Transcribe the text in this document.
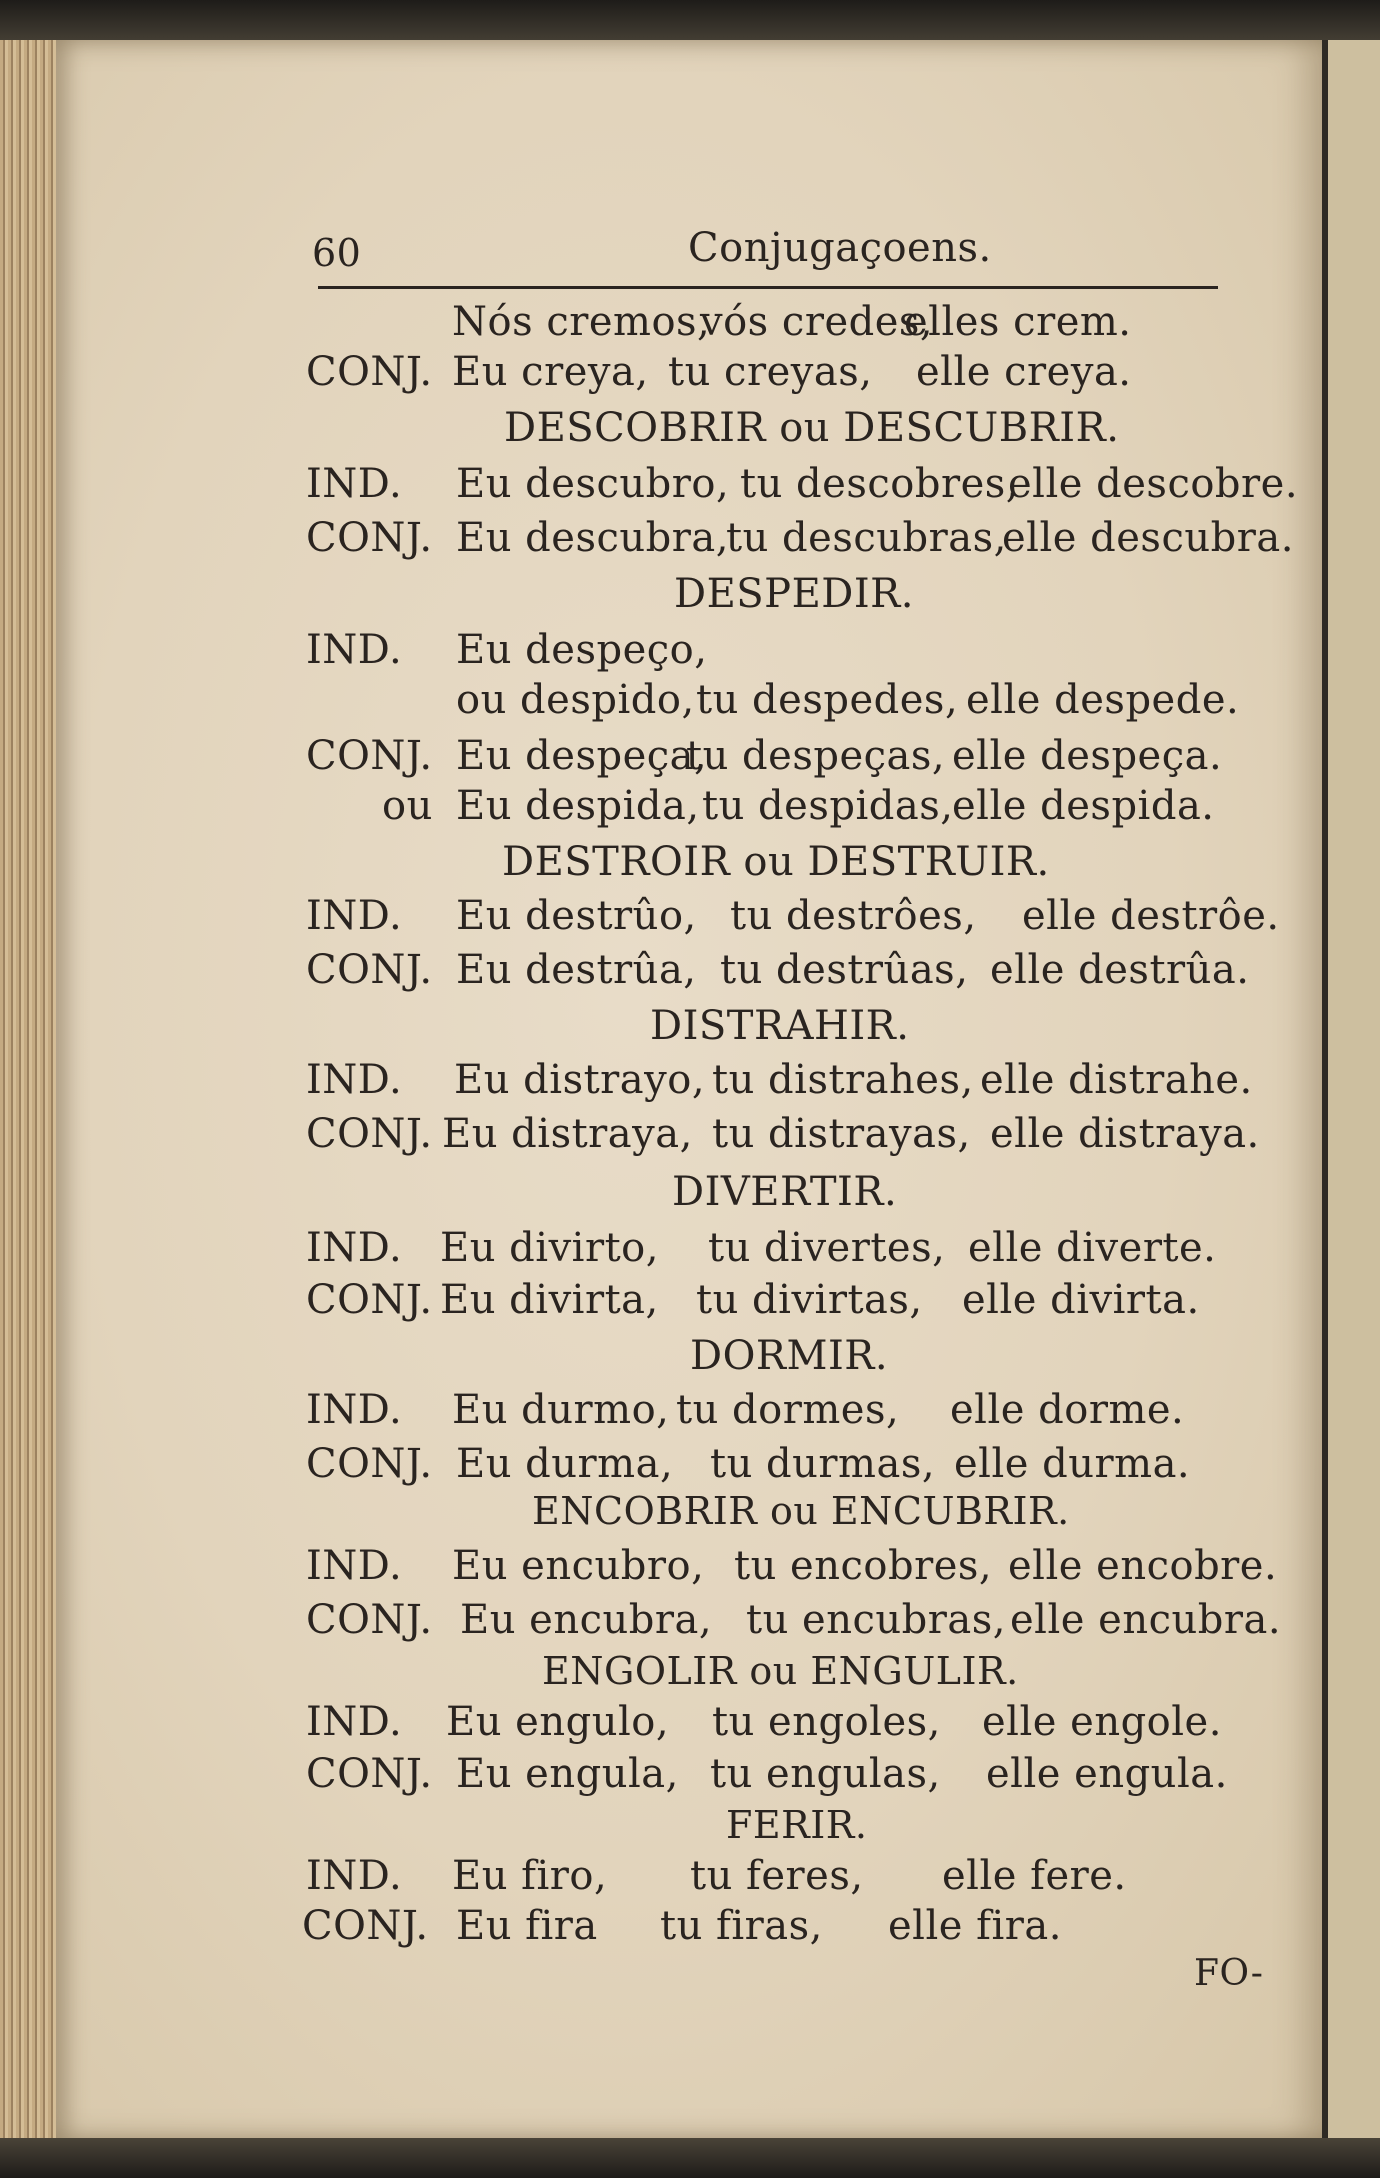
60	Conjugaçoens.
Nós cremos,
vós credes,
elles crem.
CONJ. Eu creya, tu creyas, elle creya.
DESCOBRIR ou DESCUBRIR.
IND. Eu descubro, tu descobres,
elle descobre.
CONJ. Eu descubra,
tu descubras,
elle descubra.
DESPEDIR.
IND. Eu despeço,
ou despido, tu despedes, elle despede.
CONJ. Eu despeça,
tu despeças, elle despeça.
ou Eu despida, tu despidas,
elle despida.
DESTROIR ou DESTRUIR.
IND. Eu destrûo, tu destrôes, elle destrôe.
CONJ. Eu destrûa, tu destrûas, elle destrûa.
DISTRAHIR.
IND. Eu distrayo, tu distrahes, elle distrahe.
CONJ. Eu distraya, tu distrayas, elle distraya.
DIVERTIR.
IND. Eu divirto, tu divertes, elle diverte.
CONJ. Eu divirta, tu divirtas, elle divirta.
DORMIR.
IND. Eu durmo, tu dormes, elle dorme.
CONJ. Eu durma, tu durmas, elle durma.
ENCOBRIR ou ENCUBRIR.
IND. Eu encubro, tu encobres, elle encobre.
CONJ. Eu encubra, tu encubras, elle encubra.
ENGOLIR ou ENGULIR.
IND. Eu engulo, tu engoles, elle engole.
CONJ. Eu engula, tu engulas, elle engula.
FERIR.
IND. Eu firo, tu feres, elle fere.
CONJ. Eu fira tu firas, elle fira.
FO-
